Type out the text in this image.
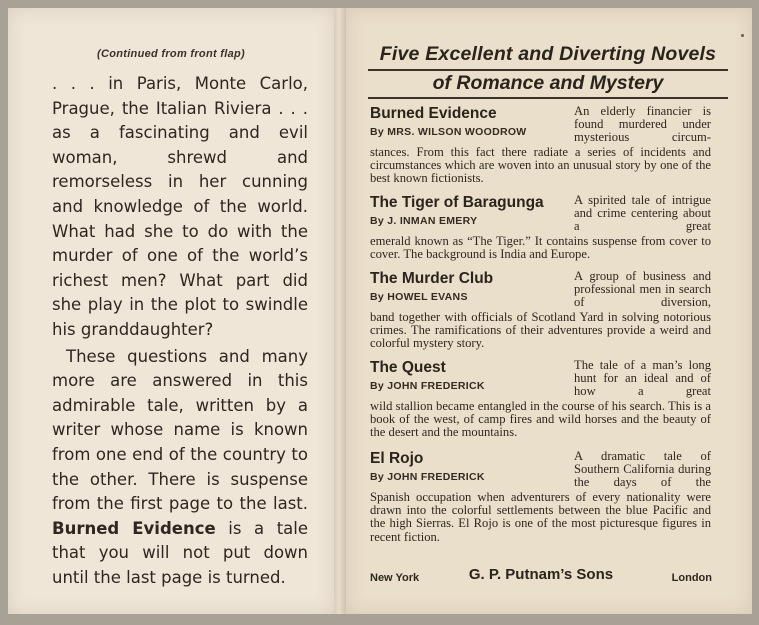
(Continued from front flap)

. . . in Paris, Monte Carlo, Prague, the Italian Riviera . . . as a fascinating and evil woman, shrewd and remorseless in her cunning and knowledge of the world. What had she to do with the murder of one of the world’s richest men? What part did she play in the plot to swindle his granddaughter?

These questions and many more are answered in this admirable tale, written by a writer whose name is known from one end of the country to the other. There is suspense from the first page to the last. Burned Evidence is a tale that you will not put down until the last page is turned.

Five Excellent and Diverting Novels
of Romance and Mystery
Burned Evidence
By MRS. WILSON WOODROW
An elderly financier is found murdered under mysterious circum-
stances. From this fact there radiate a series of incidents and circumstances which are woven into an unusual story by one of the best known fictionists.
The Tiger of Baragunga
By J. INMAN EMERY
A spirited tale of intrigue and crime centering about a great
emerald known as “The Tiger.” It contains suspense from cover to cover. The background is India and Europe.
The Murder Club
By HOWEL EVANS
A group of business and professional men in search of diversion,
band together with officials of Scotland Yard in solving notorious crimes. The ramifications of their adventures provide a weird and colorful mystery story.
The Quest
By JOHN FREDERICK
The tale of a man’s long hunt for an ideal and of how a great
wild stallion became entangled in the course of his search. This is a book of the west, of camp fires and wild horses and the beauty of the desert and the mountains.
El Rojo
By JOHN FREDERICK
A dramatic tale of Southern California during the days of the
Spanish occupation when adventurers of every nationality were drawn into the colorful settlements between the blue Pacific and the high Sierras. El Rojo is one of the most picturesque figures in recent fiction.
New York	G. P. Putnam’s Sons	London
